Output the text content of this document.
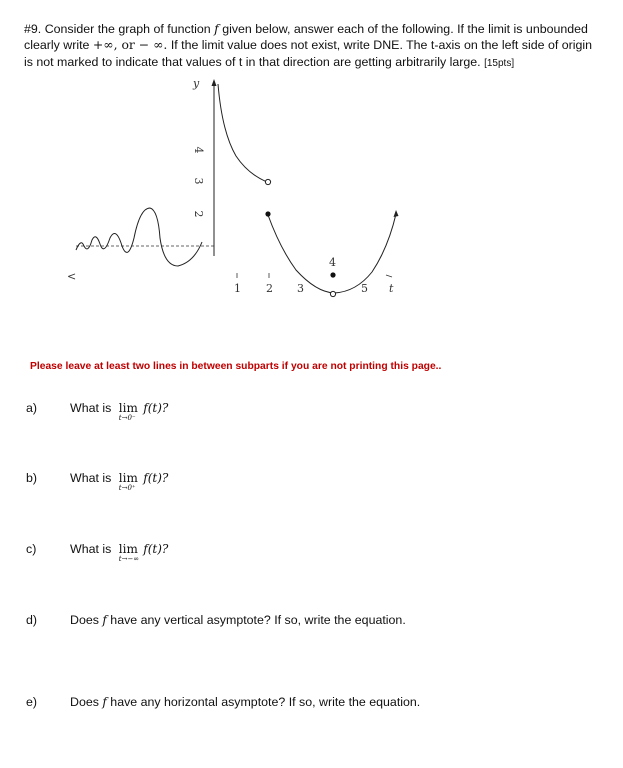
#9. Consider the graph of function f given below, answer each of the following. If the limit is unbounded clearly write +∞, or − ∞. If the limit value does not exist, write DNE. The t-axis on the left side of origin is not marked to indicate that values of t in that direction are getting arbitrarily large. [15pts]

y
4
3
2
<
1 2 3
4
5 t

Please leave at least two lines in between subparts if you are not printing this page..

a)	What is lim
t→0⁻
f(t)?
b)	What is lim
t→0⁺
f(t)?
c)	What is lim
t→−∞
f(t)?
d)	Does f have any vertical asymptote? If so, write the equation.
e)	Does f have any horizontal asymptote? If so, write the equation.
